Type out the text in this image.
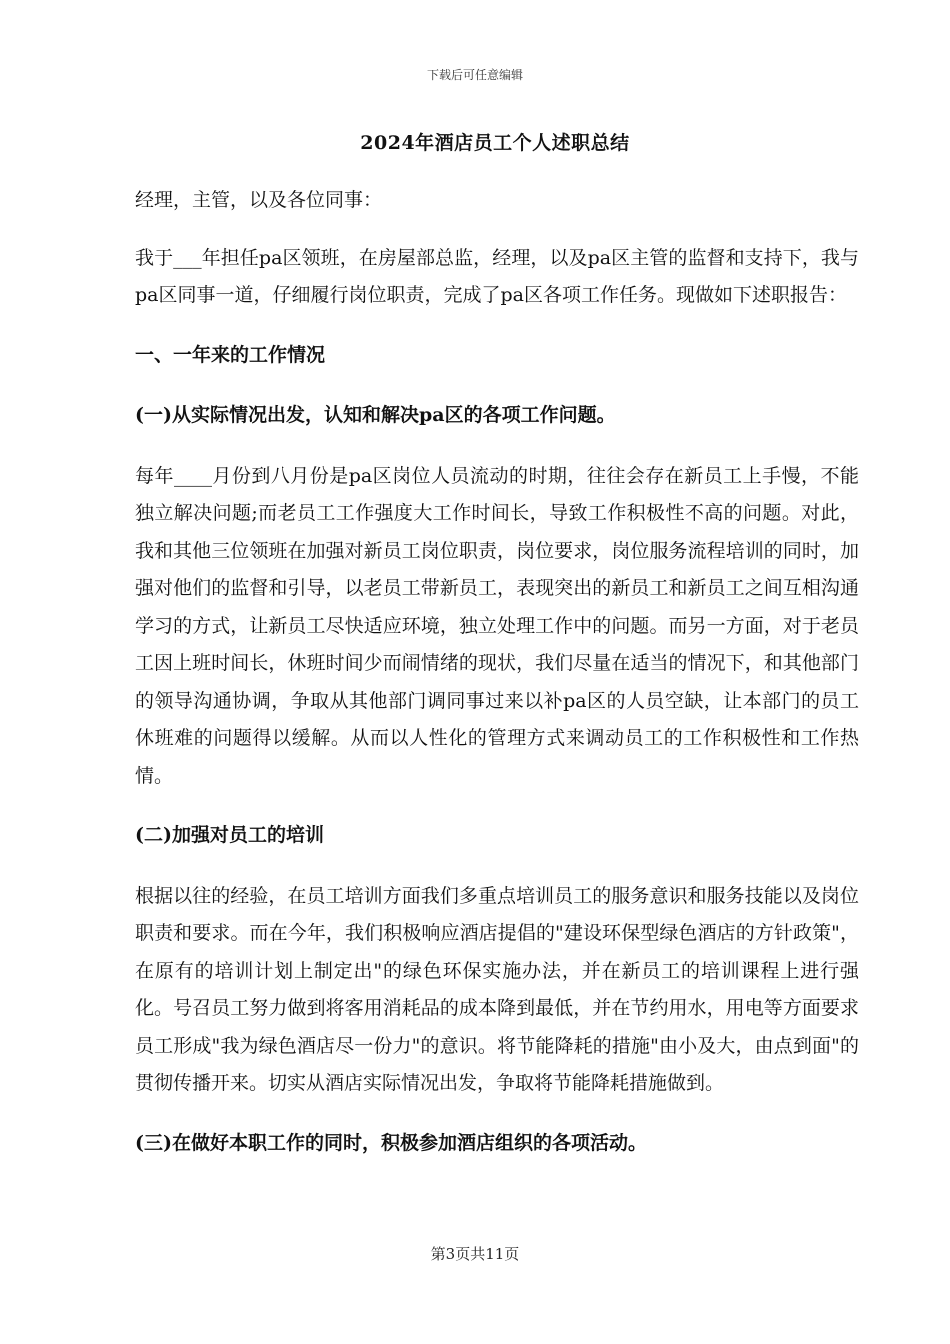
下载后可任意编辑
2024年酒店员工个人述职总结

经理，主管，以及各位同事：

我于___年担任pa区领班，在房屋部总监，经理，以及pa区主管的监督和支持下，我与pa区同事一道，仔细履行岗位职责，完成了pa区各项工作任务。现做如下述职报告：

一、一年来的工作情况

(一)从实际情况出发，认知和解决pa区的各项工作问题。

每年____月份到八月份是pa区岗位人员流动的时期，往往会存在新员工上手慢，不能独立解决问题;而老员工工作强度大工作时间长，导致工作积极性不高的问题。对此，我和其他三位领班在加强对新员工岗位职责，岗位要求，岗位服务流程培训的同时，加强对他们的监督和引导，以老员工带新员工，表现突出的新员工和新员工之间互相沟通学习的方式，让新员工尽快适应环境，独立处理工作中的问题。而另一方面，对于老员工因上班时间长，休班时间少而闹情绪的现状，我们尽量在适当的情况下，和其他部门的领导沟通协调，争取从其他部门调同事过来以补pa区的人员空缺，让本部门的员工休班难的问题得以缓解。从而以人性化的管理方式来调动员工的工作积极性和工作热情。

(二)加强对员工的培训

根据以往的经验，在员工培训方面我们多重点培训员工的服务意识和服务技能以及岗位职责和要求。而在今年，我们积极响应酒店提倡的"建设环保型绿色酒店的方针政策"，在原有的培训计划上制定出"的绿色环保实施办法，并在新员工的培训课程上进行强化。号召员工努力做到将客用消耗品的成本降到最低，并在节约用水，用电等方面要求员工形成"我为绿色酒店尽一份力"的意识。将节能降耗的措施"由小及大，由点到面"的贯彻传播开来。切实从酒店实际情况出发，争取将节能降耗措施做到。

(三)在做好本职工作的同时，积极参加酒店组织的各项活动。

第3页共11页
